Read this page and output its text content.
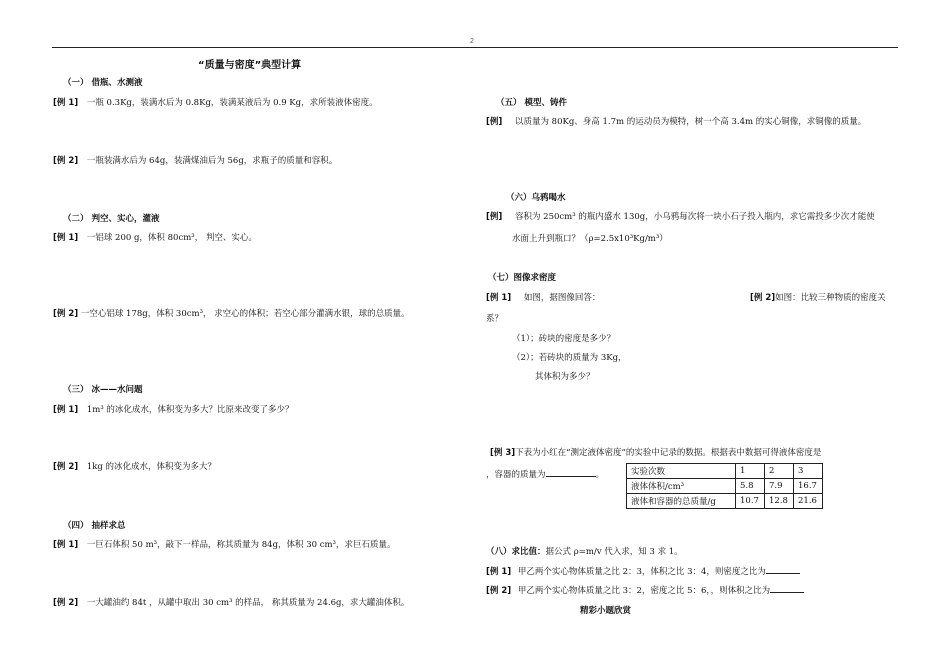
2
“质量与密度”典型计算
（一） 借瓶、水测液
[例 1] 一瓶 0.3Kg，装满水后为 0.8Kg，装满某液后为 0.9 Kg，求所装液体密度。
[例 2] 一瓶装满水后为 64g，装满煤油后为 56g，求瓶子的质量和容积。
（二） 判空、实心，灌液
[例 1] 一铝球 200 g，体积 80cm³， 判空、实心。
[例 2] 一空心铝球 178g，体积 30cm³， 求空心的体积；若空心部分灌满水银，球的总质量。
（三） 冰——水问题
[例 1] 1m³ 的冰化成水，体积变为多大？比原来改变了多少？
[例 2] 1kg 的冰化成水，体积变为多大？
（四） 抽样求总
[例 1] 一巨石体积 50 m³，敲下一样品，称其质量为 84g，体积 30 cm³，求巨石质量。
[例 2] 一大罐油约 84t ，从罐中取出 30 cm³ 的样品， 称其质量为 24.6g，求大罐油体积。
（五） 模型、铸件
[例] 以质量为 80Kg、身高 1.7m 的运动员为模特，树一个高 3.4m 的实心铜像，求铜像的质量。
（六）乌鸦喝水
[例] 容积为 250cm³ 的瓶内盛水 130g，小乌鸦每次将一块小石子投入瓶内，求它需投多少次才能使
水面上升到瓶口？（ρ=2.5x10³Kg/m³）
（七）图像求密度
[例 1] 如图，据图像回答：	[例 2]如图：比较三种物质的密度关
系？
（1）；砖块的密度是多少？
（2）；若砖块的质量为 3Kg，
其体积为多少？
[例 3]下表为小红在“测定液体密度”的实验中记录的数据。根据表中数据可得液体密度是
，容器的质量为	。	实验次数	1	2	3
液体体积/cm³	5.8	7.9	16.7
液体和容器的总质量/g	10.7	12.8	21.6
（八）求比值：据公式 ρ=m/v 代入求，知 3 求 1。
[例 1] 甲乙两个实心物体质量之比 2：3，体积之比 3：4，则密度之比为
[例 2] 甲乙两个实心物体质量之比 3：2，密度之比 5：6，，则体积之比为
精彩小题欣赏
